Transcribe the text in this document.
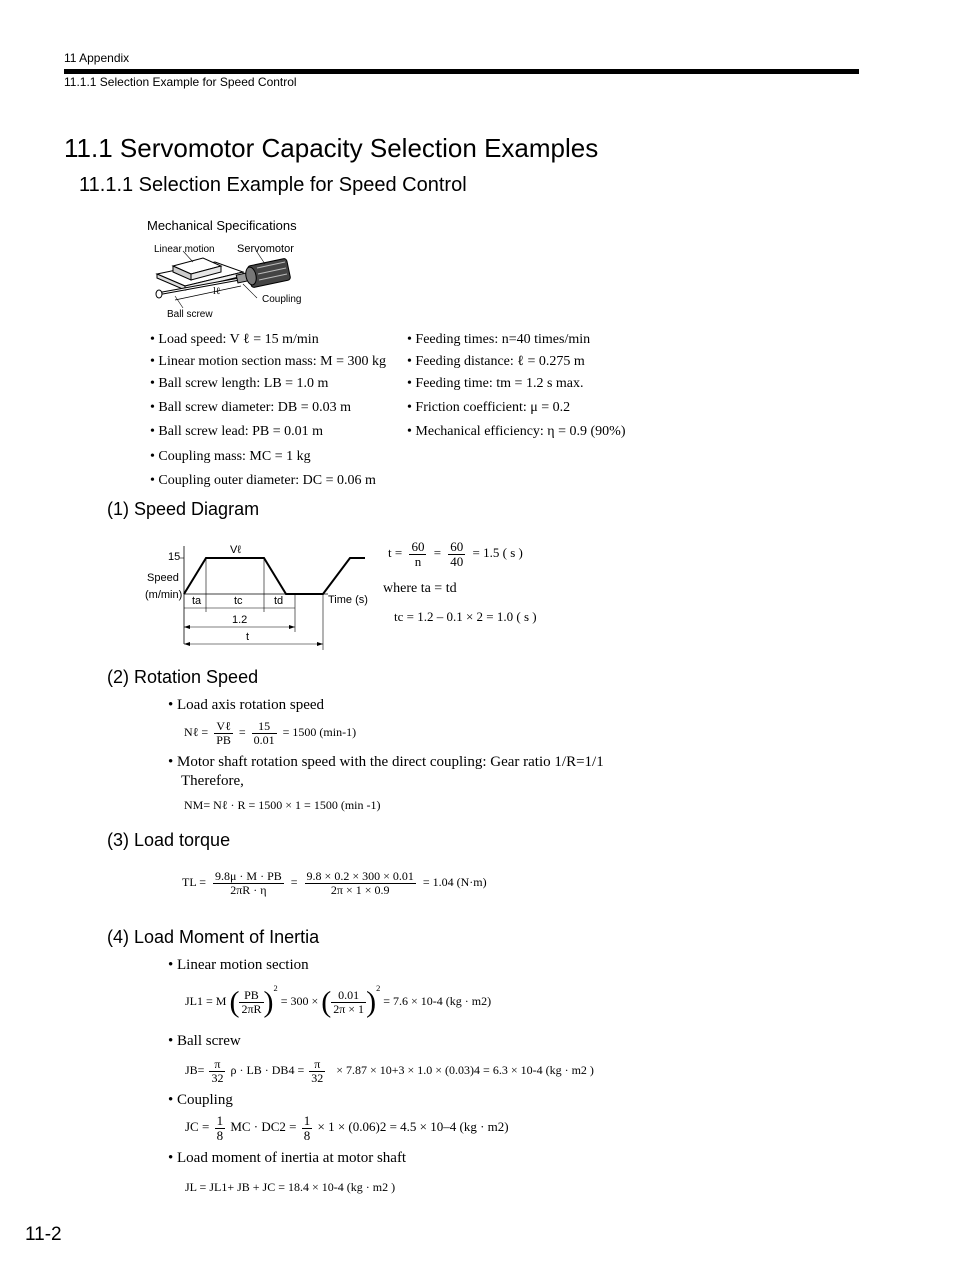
11 Appendix
11.1.1 Selection Example for Speed Control
11.1 Servomotor Capacity Selection Examples
11.1.1 Selection Example for Speed Control
Mechanical Specifications
Linear motion Servomotor
Coupling
Ball screw
lℓ
• Load speed: V ℓ = 15 m/min
• Linear motion section mass: M = 300 kg
• Ball screw length: LB = 1.0 m
• Ball screw diameter: DB = 0.03 m
• Ball screw lead: PB = 0.01 m
• Coupling mass: MC = 1 kg
• Coupling outer diameter: DC = 0.06 m
• Feeding times: n=40 times/min
• Feeding distance: ℓ = 0.275 m
• Feeding time: tm = 1.2 s max.
• Friction coefficient: μ = 0.2
• Mechanical efficiency: η = 0.9 (90%)
(1) Speed Diagram
15
Vℓ
Speed
(m/min) ta	tc	td	Time (s)
1.2
t
$t = \frac{60}{n} = \frac{60}{40} = 1.5$ ( s )
where ta = td
tc = 1.2 – 0.1 × 2 = 1.0 ( s )
(2) Rotation Speed
• Load axis rotation speed
Nℓ = $\frac{\text{Vℓ}}{PB} = \frac{15}{0.01} = 1500$ (min-1)
• Motor shaft rotation speed with the direct coupling: Gear ratio 1/R=1/1
Therefore,
NM= Nℓ · R = 1500 × 1 = 1500 (min -1)
(3) Load torque
TL = $\frac{9.8\mu \cdot M \cdot PB}{2\pi R \cdot \eta} = \frac{9.8 \times 0.2 \times 300 \times 0.01}{2\pi \times 1 \times 0.9} = 1.04$ (N·m)
(4) Load Moment of Inertia
• Linear motion section
JL1 = M ( $\frac{PB}{2\pi R} )^2 = 300$ × ( $\frac{0.01}{2\pi \times 1} )^2 = 7.6 \times 10-4$ (kg · m2)
• Ball screw
$JB= \frac{\pi}{32}$ ρ · LB · $DB4 = \frac{\pi}{32} \times 7.87 \times 10+3 \times 1.0 \times (0.03)4 = 6.3 \times 10-4$ (kg · m2 )
• Coupling
JC = $\frac{1}{8}$ MC · $DC2 = \frac{1}{8} \times 1 \times (0.06)2 = 4.5 \times 10-4$ (kg · m2)
• Load moment of inertia at motor shaft
JL = JL1+ JB + JC = 18.4 × 10-4 (kg · m2 )
11-2
